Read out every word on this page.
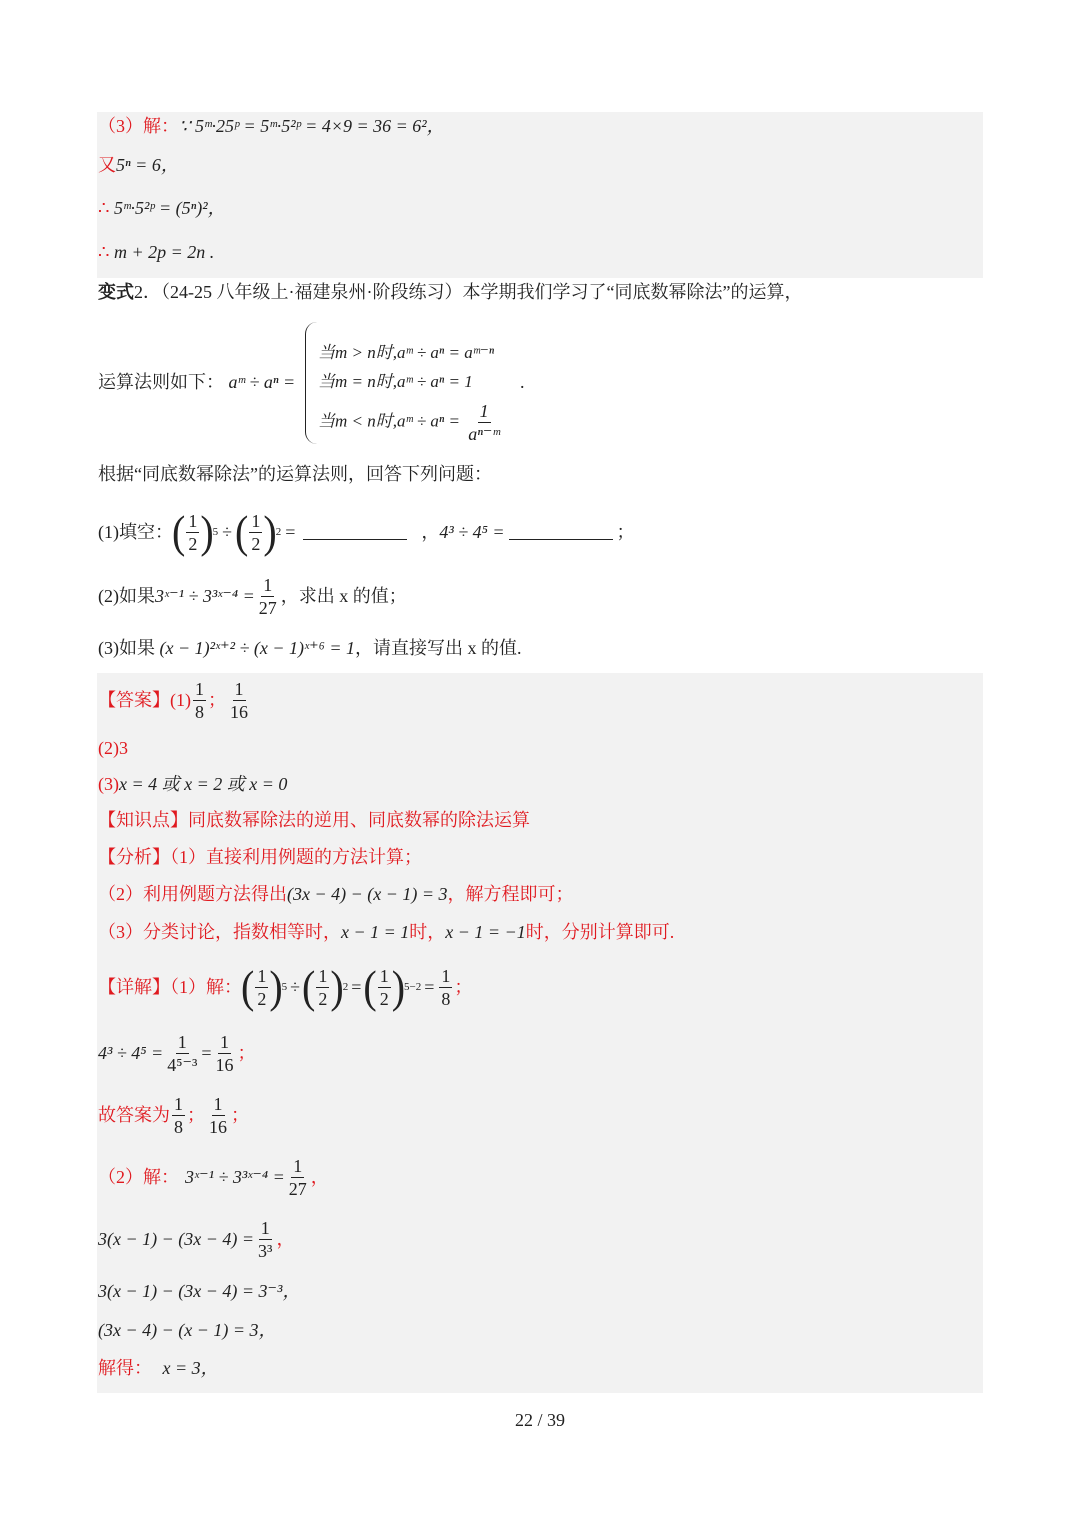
（3）解：∵ 5ᵐ·25ᵖ = 5ᵐ·5²ᵖ = 4×9 = 36 = 6²，
又5ⁿ = 6，
∴ 5ᵐ·5²ᵖ = (5ⁿ)²，
∴ m + 2p = 2n .
变式2．（24-25 八年级上·福建泉州·阶段练习）本学期我们学习了“同底数幂除法”的运算，
运算法则如下： aᵐ ÷ aⁿ =
当m > n时,aᵐ ÷ aⁿ = aᵐ⁻ⁿ
当m = n时,aᵐ ÷ aⁿ = 1
当m < n时,aᵐ ÷ $a^n = \frac{1}{\text{aⁿ⁻ᵐ}}$
.
根据“同底数幂除法”的运算法则，回答下列问题：
(1)填空： ( $\frac{1}{2}$ ) 5 ÷ ( $\frac{1}{2}$ ) 2 =	， 4³ ÷ 4⁵ =	；
(2)如果 3ˣ⁻¹ ÷ 3³ˣ⁻⁴ = $\frac{1}{27}$ ，求出 x 的值；
(3)如果 (x − 1)²ˣ⁺² ÷ (x − 1)ˣ⁺⁶ = 1，请直接写出 x 的值.
【答案】 $(1) \frac{1}{8}$ ； $\frac{1}{16}$
(2)3
(3)x = 4 或 x = 2 或 x = 0
【知识点】同底数幂除法的逆用、同底数幂的除法运算
【分析】（1）直接利用例题的方法计算；
（2）利用例题方法得出(3x − 4) − (x − 1) = 3，解方程即可；
（3）分类讨论，指数相等时，x − 1 = 1时，x − 1 = −1时，分别计算即可.
【详解】（1）解： ( $\frac{1}{2}$ ) 5 ÷ ( $\frac{1}{2}$ ) 2 = ( $\frac{1}{2}$ ) $5-2 = \frac{1}{8}$ ；
$4^3 \div 4^5 = \frac{1}{\text{4⁵⁻³}} = \frac{1}{16}$ ；
故答案为 $\frac{1}{8}$ ； $\frac{1}{16}$ ；
（2）解： 3ˣ⁻¹ ÷ 3³ˣ⁻⁴ = $\frac{1}{27}$ ，
$3(x - 1) - (3x - 4) = \frac{1}{\text{3³}}$ ，
3(x − 1) − (3x − 4) = 3⁻³，
(3x − 4) − (x − 1) = 3，
解得： x = 3，
22 / 39
